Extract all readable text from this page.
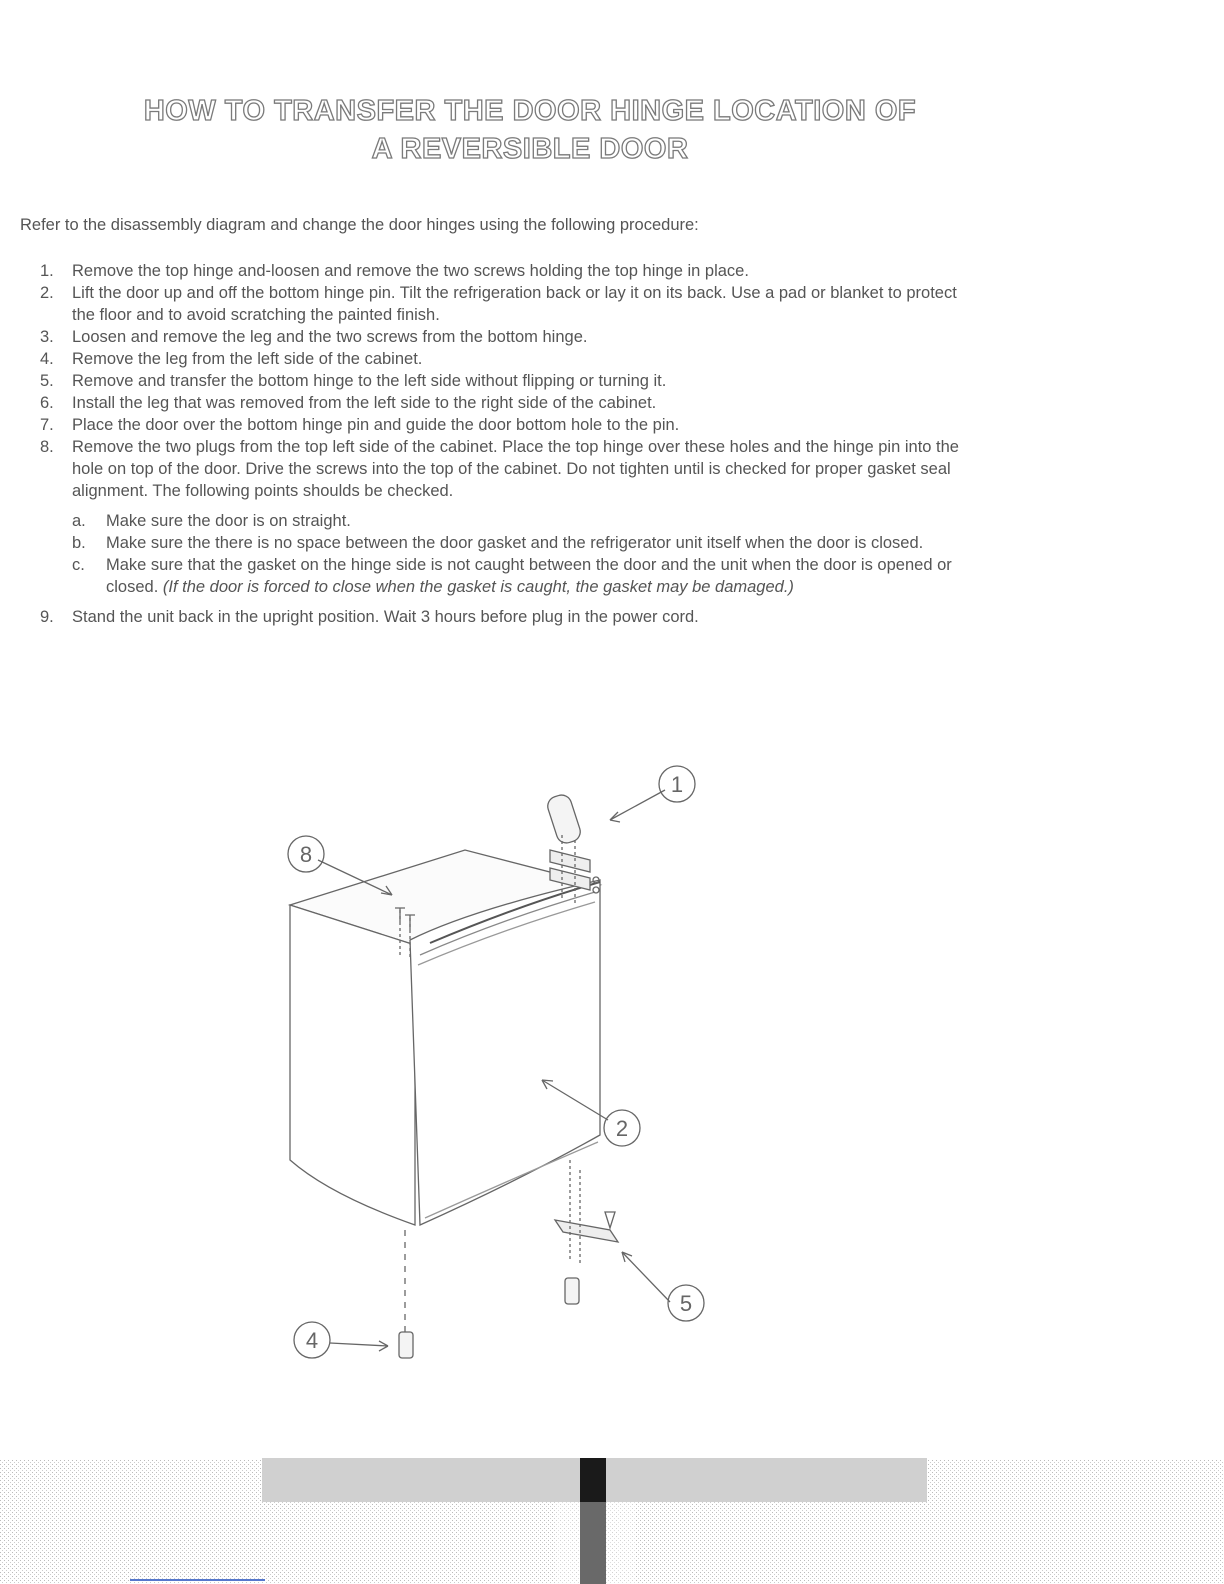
HOW TO TRANSFER THE DOOR HINGE LOCATION OF
A REVERSIBLE DOOR

Refer to the disassembly diagram and change the door hinges using the following procedure:

1.	Remove the top hinge and-loosen and remove the two screws holding the top hinge in place.
2.	Lift the door up and off the bottom hinge pin. Tilt the refrigeration back or lay it on its back. Use a pad or blanket to protect the floor and to avoid scratching the painted finish.
3.	Loosen and remove the leg and the two screws from the bottom hinge.
4.	Remove the leg from the left side of the cabinet.
5.	Remove and transfer the bottom hinge to the left side without flipping or turning it.
6.	Install the leg that was removed from the left side to the right side of the cabinet.
7.	Place the door over the bottom hinge pin and guide the door bottom hole to the pin.
8.	Remove the two plugs from the top left side of the cabinet. Place the top hinge over these holes and the hinge pin into the hole on top of the door. Drive the screws into the top of the cabinet. Do not tighten until is checked for proper gasket seal alignment. The following points shoulds be checked.
a.	Make sure the door is on straight.
b.	Make sure the there is no space between the door gasket and the refrigerator unit itself when the door is closed.
c.	Make sure that the gasket on the hinge side is not caught between the door and the unit when the door is opened or closed. (If the door is forced to close when the gasket is caught, the gasket may be damaged.)
9.	Stand the unit back in the upright position. Wait 3 hours before plug in the power cord.
1
8
2
5
4
